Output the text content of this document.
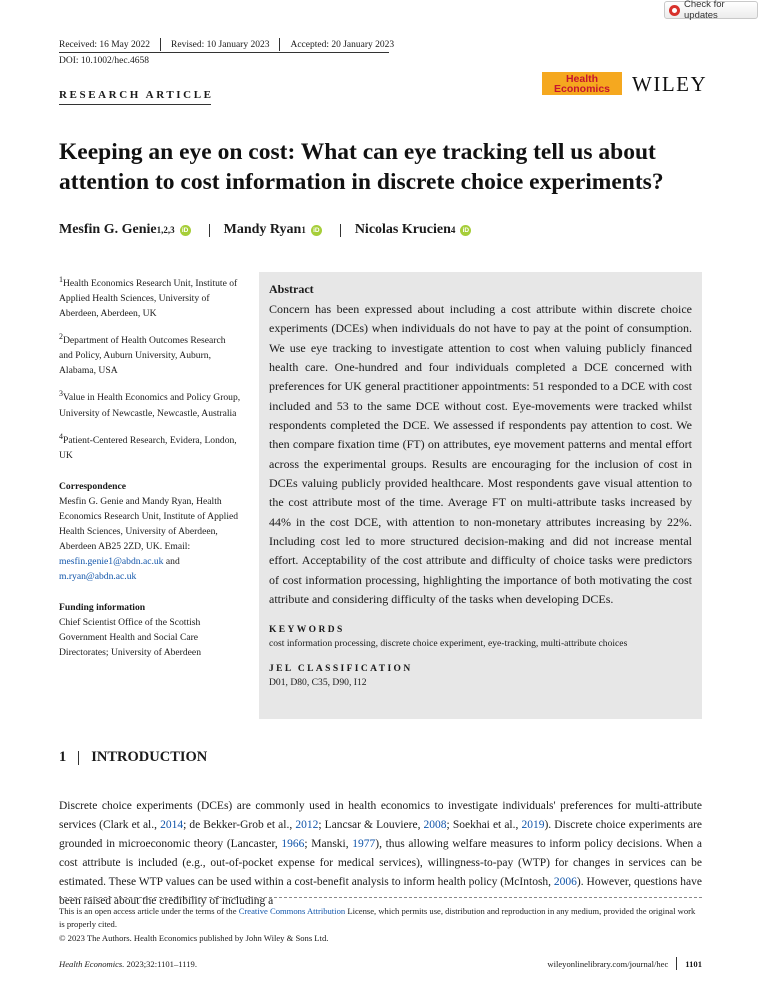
Check for updates
Received: 16 May 2022 Revised: 10 January 2023 Accepted: 20 January 2023
DOI: 10.1002/hec.4658
RESEARCH ARTICLE
Health
Economics	WILEY
Keeping an eye on cost: What can eye tracking tell us about attention to cost information in discrete choice experiments?
Mesfin G. Genie 1,2,3	iD	Mandy Ryan 1	iD	Nicolas Krucien 4	iD

$^1$Health Economics Research Unit, Institute of Applied Health Sciences, University of Aberdeen, Aberdeen, UK

$^2$Department of Health Outcomes Research and Policy, Auburn University, Auburn, Alabama, USA

$^3$Value in Health Economics and Policy Group, University of Newcastle, Newcastle, Australia

$^4$Patient-Centered Research, Evidera, London, UK

Correspondence

Mesfin G. Genie and Mandy Ryan, Health Economics Research Unit, Institute of Applied Health Sciences, University of Aberdeen, Aberdeen AB25 2ZD, UK. Email: mesfin.genie1@abdn.ac.uk and m.ryan@abdn.ac.uk

Funding information

Chief Scientist Office of the Scottish Government Health and Social Care Directorates; University of Aberdeen

Abstract
Concern has been expressed about including a cost attribute within discrete choice experiments (DCEs) when individuals do not have to pay at the point of consumption. We use eye tracking to investigate attention to cost when valuing publicly financed health care. One-hundred and four individuals completed a DCE concerned with preferences for UK general practitioner appointments: 51 responded to a DCE with cost included and 53 to the same DCE without cost. Eye-movements were tracked whilst respondents completed the DCE. We assessed if respondents pay attention to cost. We then compare fixation time (FT) on attributes, eye movement patterns and mental effort across the experimental groups. Results are encouraging for the inclusion of cost in DCEs valuing publicly provided healthcare. Most respondents gave visual attention to the cost attribute most of the time. Average FT on multi-attribute tasks increased by 44% in the cost DCE, with attention to non-monetary attributes increasing by 22%. Including cost led to more structured decision-making and did not increase mental effort. Acceptability of the cost attribute and difficulty of choice tasks were predictors of cost information processing, highlighting the importance of both motivating the cost attribute and considering difficulty of the tasks when developing DCEs.
KEYWORDS
cost information processing, discrete choice experiment, eye-tracking, multi-attribute choices
JEL CLASSIFICATION
D01, D80, C35, D90, I12
1 INTRODUCTION
Discrete choice experiments (DCEs) are commonly used in health economics to investigate individuals' preferences for multi-attribute services (Clark et al., 2014; de Bekker-Grob et al., 2012; Lancsar & Louviere, 2008; Soekhai et al., 2019). Discrete choice experiments are grounded in microeconomic theory (Lancaster, 1966; Manski, 1977), thus allowing welfare measures to inform policy decisions. When a cost attribute is included (e.g., out-of-pocket expense for medical services), willingness-to-pay (WTP) for changes in services can be estimated. These WTP values can be used within a cost-benefit analysis to inform health policy (McIntosh, 2006). However, questions have been raised about the credibility of including a
This is an open access article under the terms of the Creative Commons Attribution License, which permits use, distribution and reproduction in any medium, provided the original work is properly cited.
© 2023 The Authors. Health Economics published by John Wiley & Sons Ltd.
Health Economics. 2023;32:1101–1119.	wileyonlinelibrary.com/journal/hec 1101
